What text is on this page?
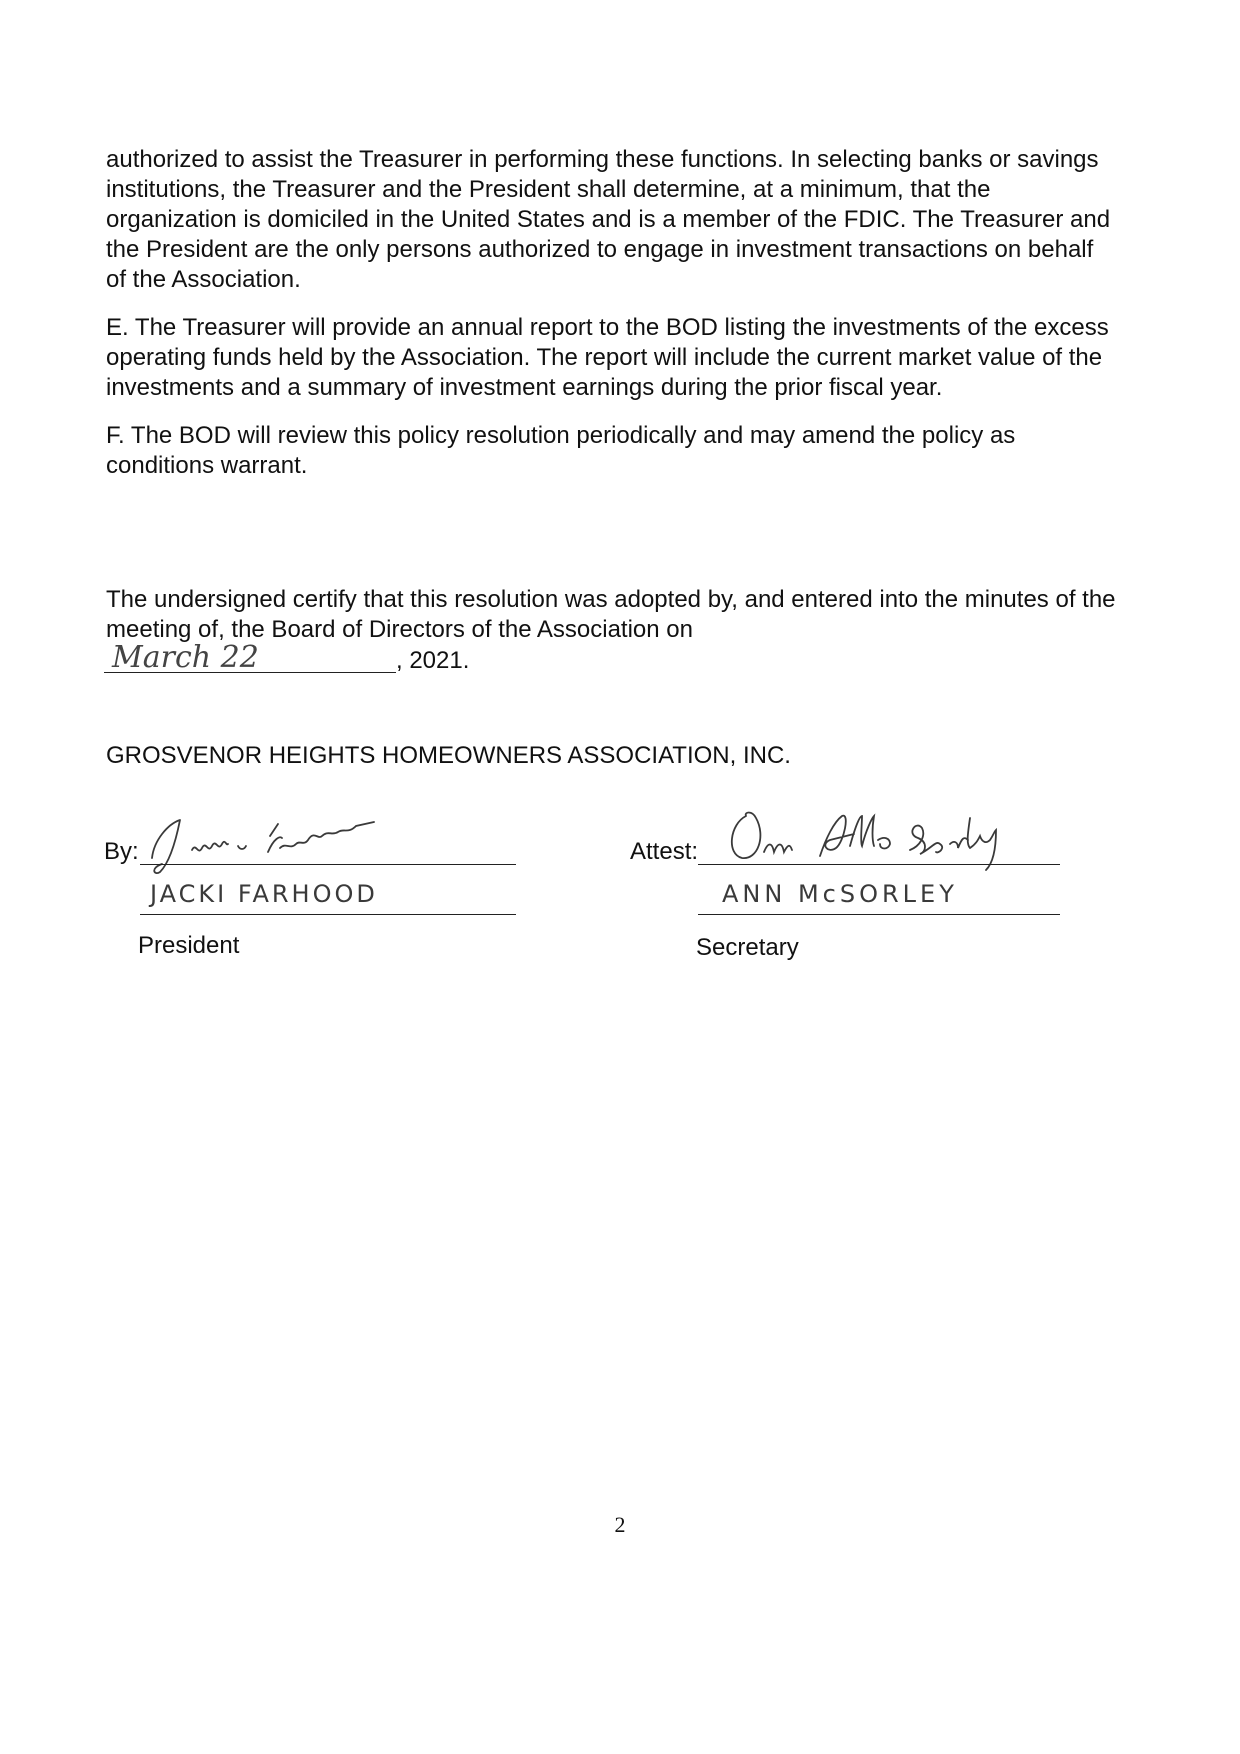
authorized to assist the Treasurer in performing these functions. In selecting banks or savings institutions, the Treasurer and the President shall determine, at a minimum, that the organization is domiciled in the United States and is a member of the FDIC. The Treasurer and the President are the only persons authorized to engage in investment transactions on behalf of the Association.

E. The Treasurer will provide an annual report to the BOD listing the investments of the excess operating funds held by the Association. The report will include the current market value of the investments and a summary of investment earnings during the prior fiscal year.

F. The BOD will review this policy resolution periodically and may amend the policy as conditions warrant.

The undersigned certify that this resolution was adopted by, and entered into the minutes of the meeting of, the Board of Directors of the Association on

March 22	, 2021.
GROSVENOR HEIGHTS HOMEOWNERS ASSOCIATION, INC.
By:
JACKI FARHOOD
President
Attest:
ANN McSORLEY
Secretary
2
